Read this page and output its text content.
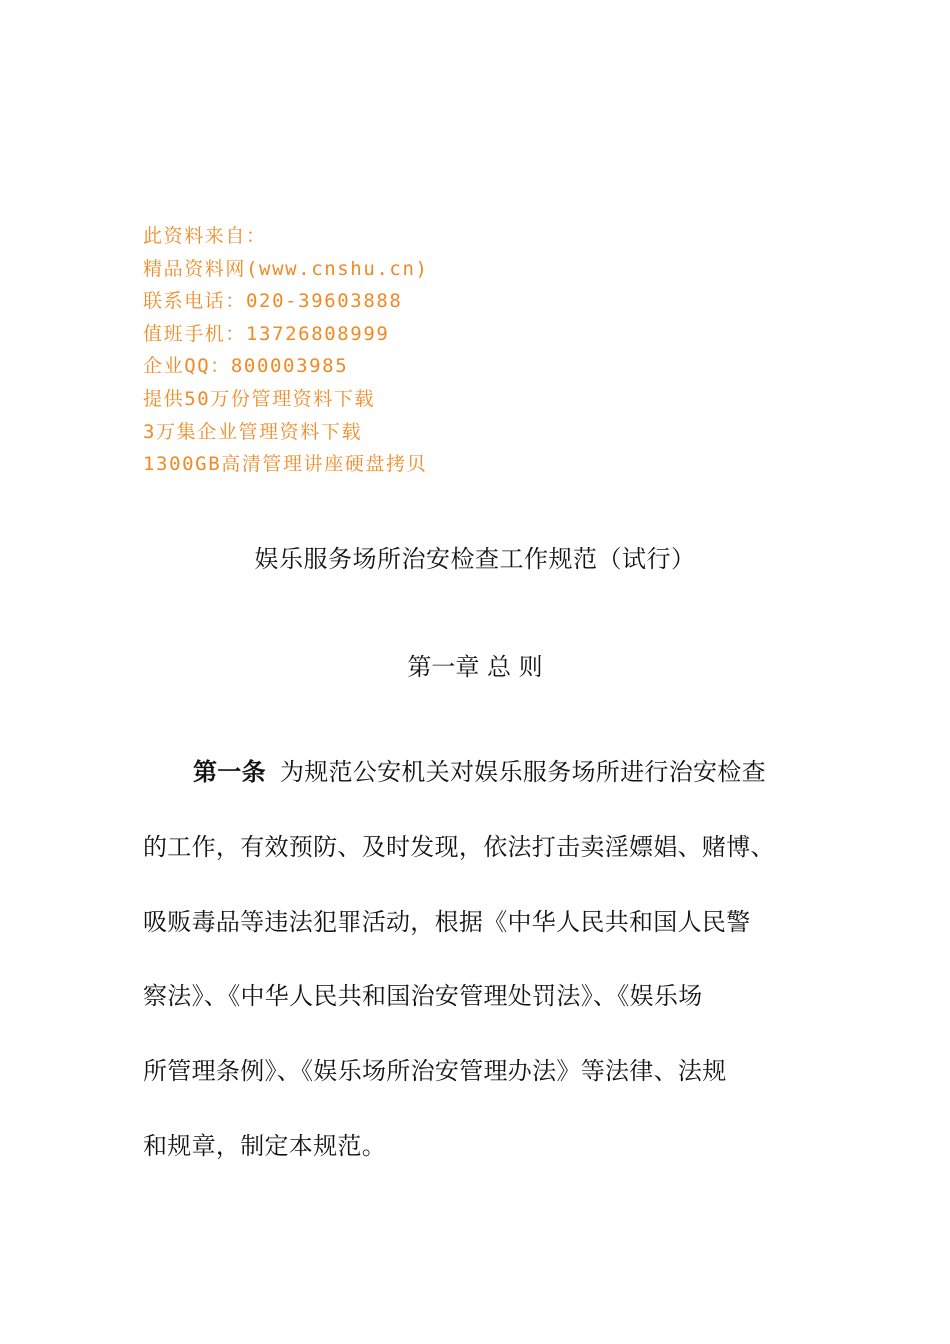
此资料来自：
精品资料网(www.cnshu.cn)
联系电话：020-39603888
值班手机：13726808999
企业QQ：800003985
提供50万份管理资料下载
3万集企业管理资料下载
1300GB高清管理讲座硬盘拷贝
娱乐服务场所治安检查工作规范（试行）
第一章 总 则
第一条 为规范公安机关对娱乐服务场所进行治安检查
的工作，有效预防、及时发现，依法打击卖淫嫖娼、赌博、
吸贩毒品等违法犯罪活动，根据《中华人民共和国人民警
察法》、《中华人民共和国治安管理处罚法》、《娱乐场
所管理条例》、《娱乐场所治安管理办法》等法律、法规
和规章，制定本规范。
